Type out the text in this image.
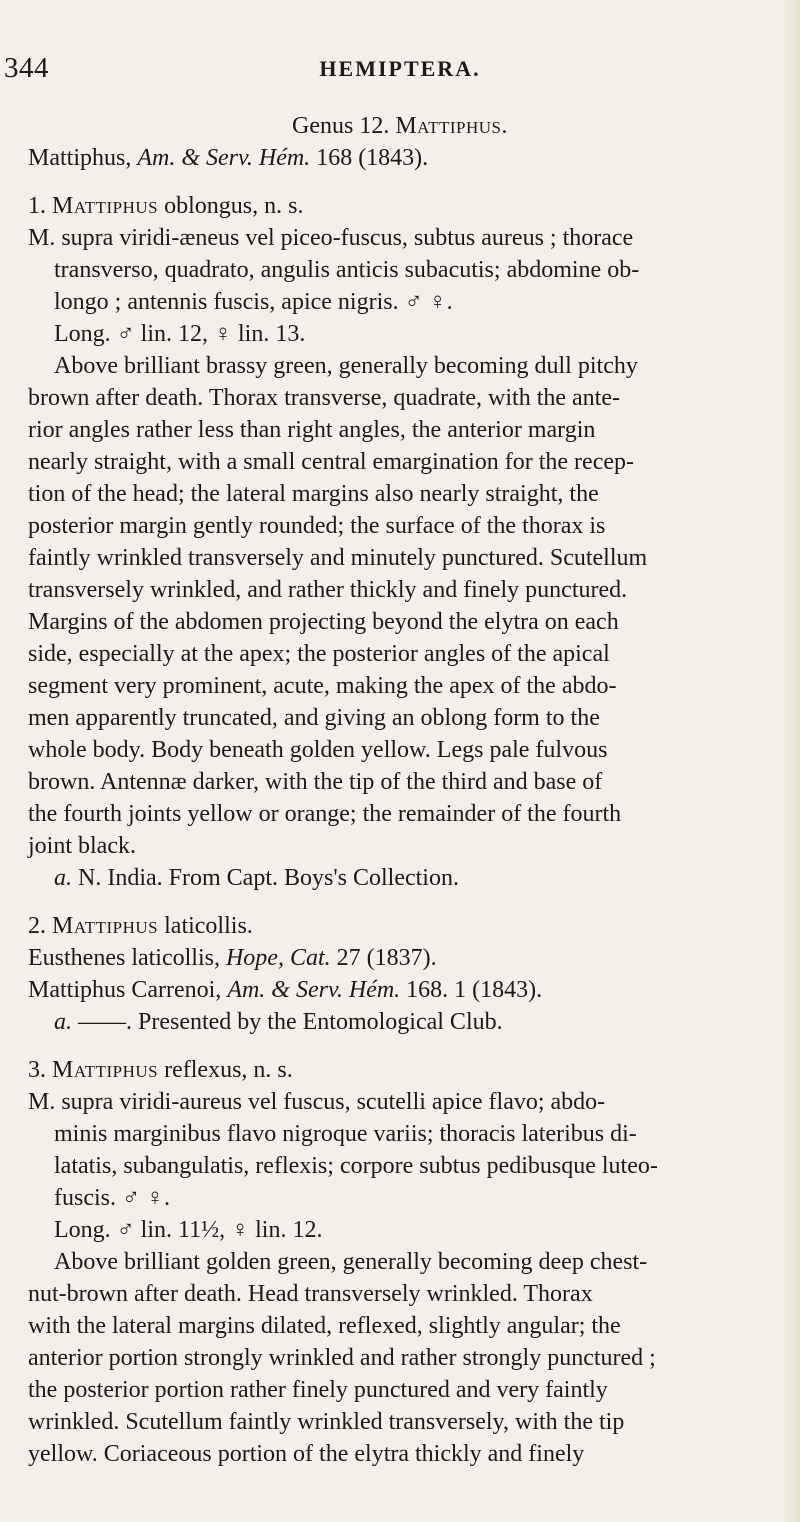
344	HEMIPTERA.
Genus 12. Mattiphus.
Mattiphus, Am. & Serv. Hém. 168 (1843).
1. Mattiphus oblongus, n. s.
M. supra viridi-æneus vel piceo-fuscus, subtus aureus ; thorace
transverso, quadrato, angulis anticis subacutis; abdomine ob-
longo ; antennis fuscis, apice nigris. ♂ ♀.
Long. ♂ lin. 12, ♀ lin. 13.
Above brilliant brassy green, generally becoming dull pitchy
brown after death. Thorax transverse, quadrate, with the ante-
rior angles rather less than right angles, the anterior margin
nearly straight, with a small central emargination for the recep-
tion of the head; the lateral margins also nearly straight, the
posterior margin gently rounded; the surface of the thorax is
faintly wrinkled transversely and minutely punctured. Scutellum
transversely wrinkled, and rather thickly and finely punctured.
Margins of the abdomen projecting beyond the elytra on each
side, especially at the apex; the posterior angles of the apical
segment very prominent, acute, making the apex of the abdo-
men apparently truncated, and giving an oblong form to the
whole body. Body beneath golden yellow. Legs pale fulvous
brown. Antennæ darker, with the tip of the third and base of
the fourth joints yellow or orange; the remainder of the fourth
joint black.
a. N. India. From Capt. Boys's Collection.
2. Mattiphus laticollis.
Eusthenes laticollis, Hope, Cat. 27 (1837).
Mattiphus Carrenoi, Am. & Serv. Hém. 168. 1 (1843).
a. ——. Presented by the Entomological Club.
3. Mattiphus reflexus, n. s.
M. supra viridi-aureus vel fuscus, scutelli apice flavo; abdo-
minis marginibus flavo nigroque variis; thoracis lateribus di-
latatis, subangulatis, reflexis; corpore subtus pedibusque luteo-
fuscis. ♂ ♀.
Long. ♂ lin. 11½, ♀ lin. 12.
Above brilliant golden green, generally becoming deep chest-
nut-brown after death. Head transversely wrinkled. Thorax
with the lateral margins dilated, reflexed, slightly angular; the
anterior portion strongly wrinkled and rather strongly punctured ;
the posterior portion rather finely punctured and very faintly
wrinkled. Scutellum faintly wrinkled transversely, with the tip
yellow. Coriaceous portion of the elytra thickly and finely
